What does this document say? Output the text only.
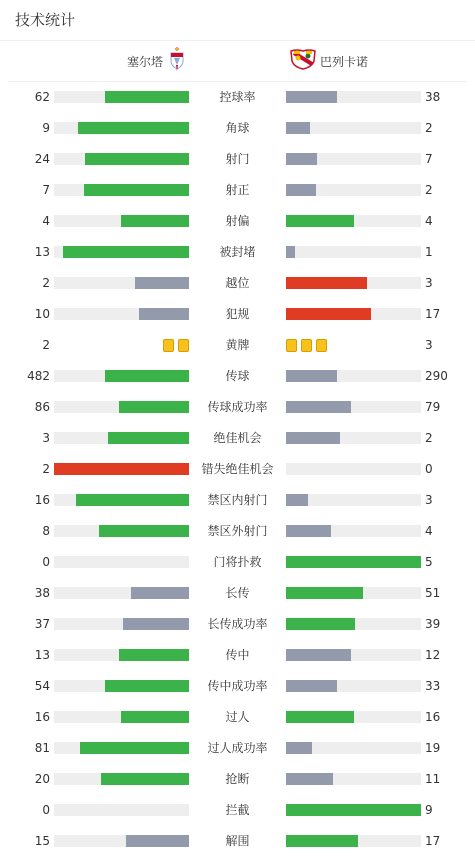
技术统计
塞尔塔	巴列卡诺
62	控球率	38
9	角球	2
24	射门	7
7	射正	2
4	射偏	4
13	被封堵	1
2	越位	3
10	犯规	17
2	黄牌	3
482	传球	290
86	传球成功率	79
3	绝佳机会	2
2	错失绝佳机会	0
16	禁区内射门	3
8	禁区外射门	4
0	门将扑救	5
38	长传	51
37	长传成功率	39
13	传中	12
54	传中成功率	33
16	过人	16
81	过人成功率	19
20	抢断	11
0	拦截	9
15	解围	17
